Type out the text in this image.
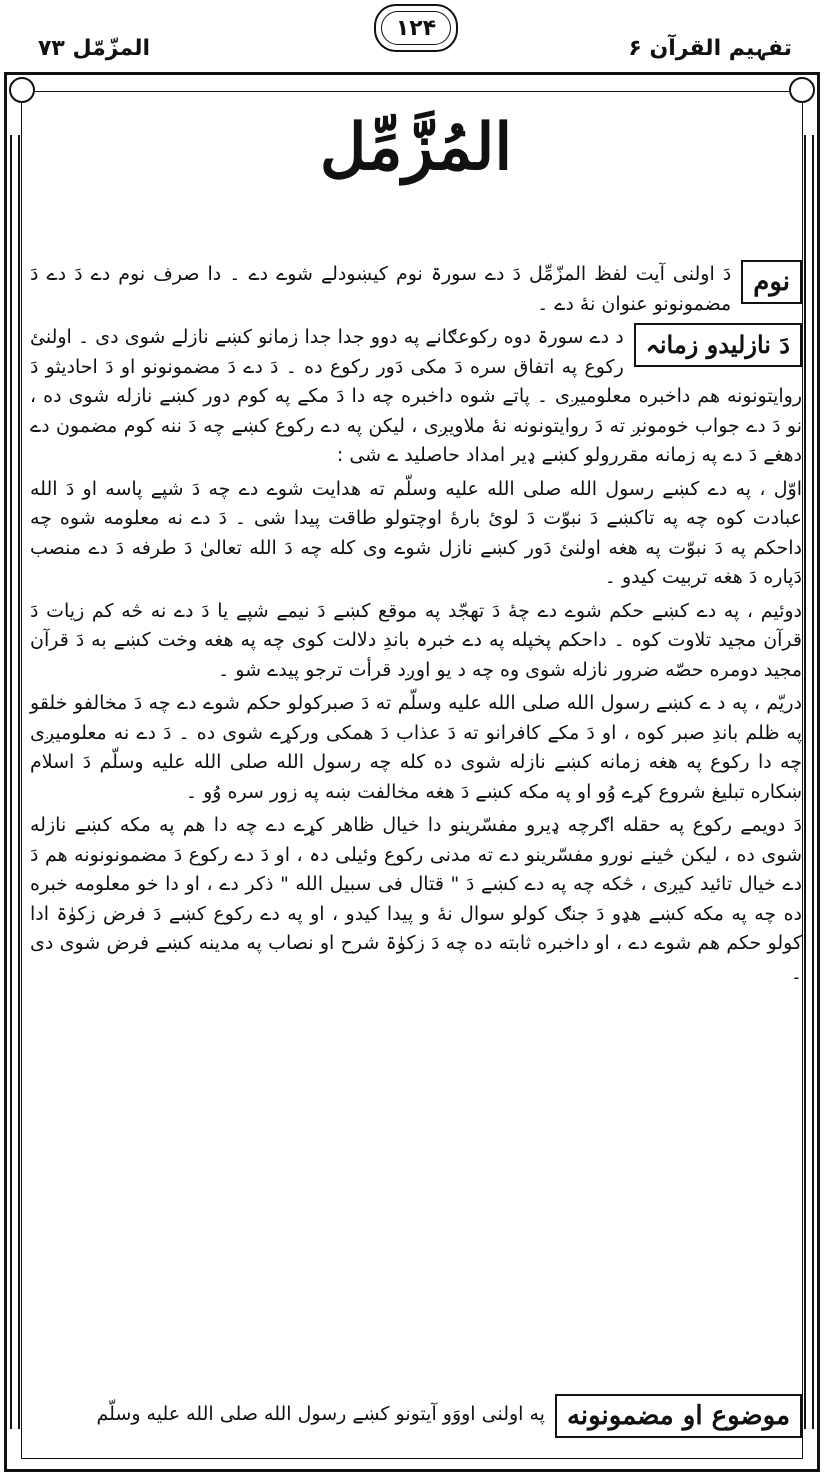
المزّمّل ۷۳
۱۲۴
تفہیم القرآن ۶
المُزَّمِّل
نوم

دَ اولنی آیت لفظ المزّمِّل دَ دے سورۃ نوم کیښودلے شوے دے ۔ دا صرف نوم دے دَ دے دَ مضمونونو عنوان نۀ دے ۔

دَ نازلیدو زمانہ

د دے سورۃ دوه رکوعګانے په دوو جدا جدا زمانو کښے نازلے شوی دی ۔ اولنئ رکوع په اتفاق سره دَ مکی دَور رکوع ده ۔ دَ دے دَ مضمونونو او دَ احادیثو دَ روایتونونه هم داخبره معلومیږی ۔ پاتے شوه داخبره چه دا دَ مکے په کوم دور کښے نازله شوی ده ، نو دَ دے جواب خومونږ ته دَ روایتونونه نۀ ملاویږی ، لیکن په دے رکوع کښے چه دَ ننه کوم مضمون دے دهغے دَ دے په زمانه مقررولو کښے ډیر امداد حاصلید ے شی :

اوّل ، په دے کښے رسول الله صلی الله علیه وسلّم ته هدایت شوے دے چه دَ شپے پاسه او دَ الله عبادت کوه چه په تاکښے دَ نبوّت دَ لوئ بارۀ اوچتولو طاقت پیدا شی ۔ دَ دے نه معلومه شوه چه داحکم په دَ نبوّت په هغه اولنئ دَور کښے نازل شوے وی کله چه دَ الله تعالیٰ دَ طرفه دَ دے منصب دَپاره دَ هغه تربیت کیدو ۔

دوئیم ، په دے کښے حکم شوے دے چهٔ دَ تهجّد په موقع کښے دَ نیمے شپے یا دَ دے نه څه کم زیات دَ قرآن مجید تلاوت کوه ۔ داحکم پخپله په دے خبرہ باندِ دلالت کوی چه په هغه وخت کښے به دَ قرآن مجید دومره حصّه ضرور نازله شوی وه چه د یو اوږد قرأت ترجو پیدے شو ۔

دریّم ، په د ے کښے رسول الله صلی الله علیه وسلّم ته دَ صبرکولو حکم شوے دے چه دَ مخالفو خلقو په ظلم باندِ صبر کوه ، او دَ مکے کافرانو ته دَ عذاب دَ همکی ورکړے شوی ده ۔ دَ دے نه معلومیږی چه دا رکوع په هغه زمانه کښے نازله شوی ده کله چه رسول الله صلی الله علیه وسلّم دَ اسلام ښکاره تبلیغ شروع کړے وُو او په مکه کښے دَ هغه مخالفت ښه په زور سره وُو ۔

دَ دویمے رکوع په حقله اګرچه ډیرو مفسّرینو دا خیال ظاهر کړے دے چه دا هم په مکه کښے نازله شوی ده ، لیکن څینے نورو مفسّرینو دے ته مدنی رکوع وئیلی دہ ، او دَ دے رکوع دَ مضمونونونه هم دَ دے خیال تائید کیږی ، څکه چه په دے کښے دَ " قتال فی سبیل الله " ذکر دے ، او دا خو معلومه خبره ده چه په مکه کښے هډو دَ جنګ کولو سوال نۀ و پیدا کیدو ، او په دے رکوع کښے دَ فرض زکوٰۃ ادا کولو حکم هم شوے دے ، او داخبره ثابته ده چه دَ زکوٰۃ شرح او نصاب په مدینه کښے فرض شوی دی ۔

موضوع او مضمونونه
په اولنی اووَو آیتونو کښے رسول الله صلی الله علیه وسلّم
